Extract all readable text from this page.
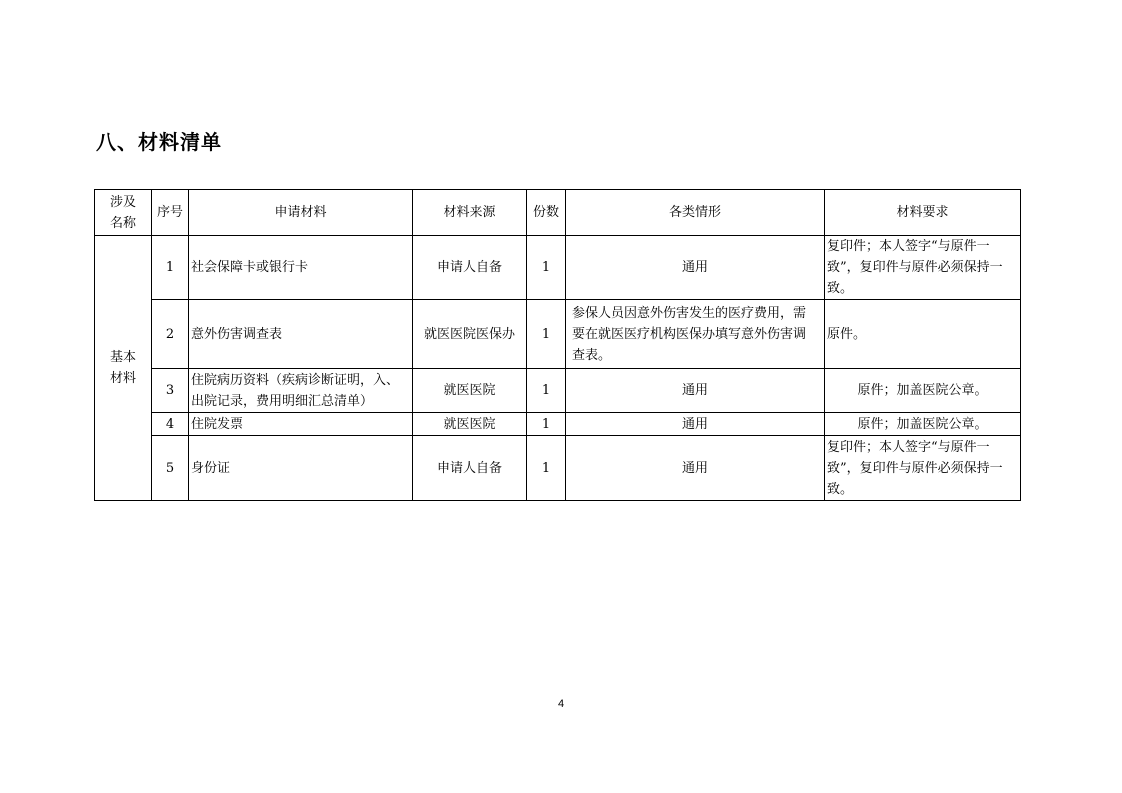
八、材料清单
涉及名称	序号	申请材料	材料来源	份数	各类情形	材料要求
基本材料	1	社会保障卡或银行卡	申请人自备	1	通用	复印件；本人签字“与原件一致”，复印件与原件必须保持一致。
	2	意外伤害调查表	就医医院医保办	1	参保人员因意外伤害发生的医疗费用，需要在就医医疗机构医保办填写意外伤害调查表。	原件。
	3	住院病历资料（疾病诊断证明，入、出院记录，费用明细汇总清单）	就医医院	1	通用	原件；加盖医院公章。
	4	住院发票	就医医院	1	通用	原件；加盖医院公章。
	5	身份证	申请人自备	1	通用	复印件；本人签字“与原件一致”，复印件与原件必须保持一致。
4
